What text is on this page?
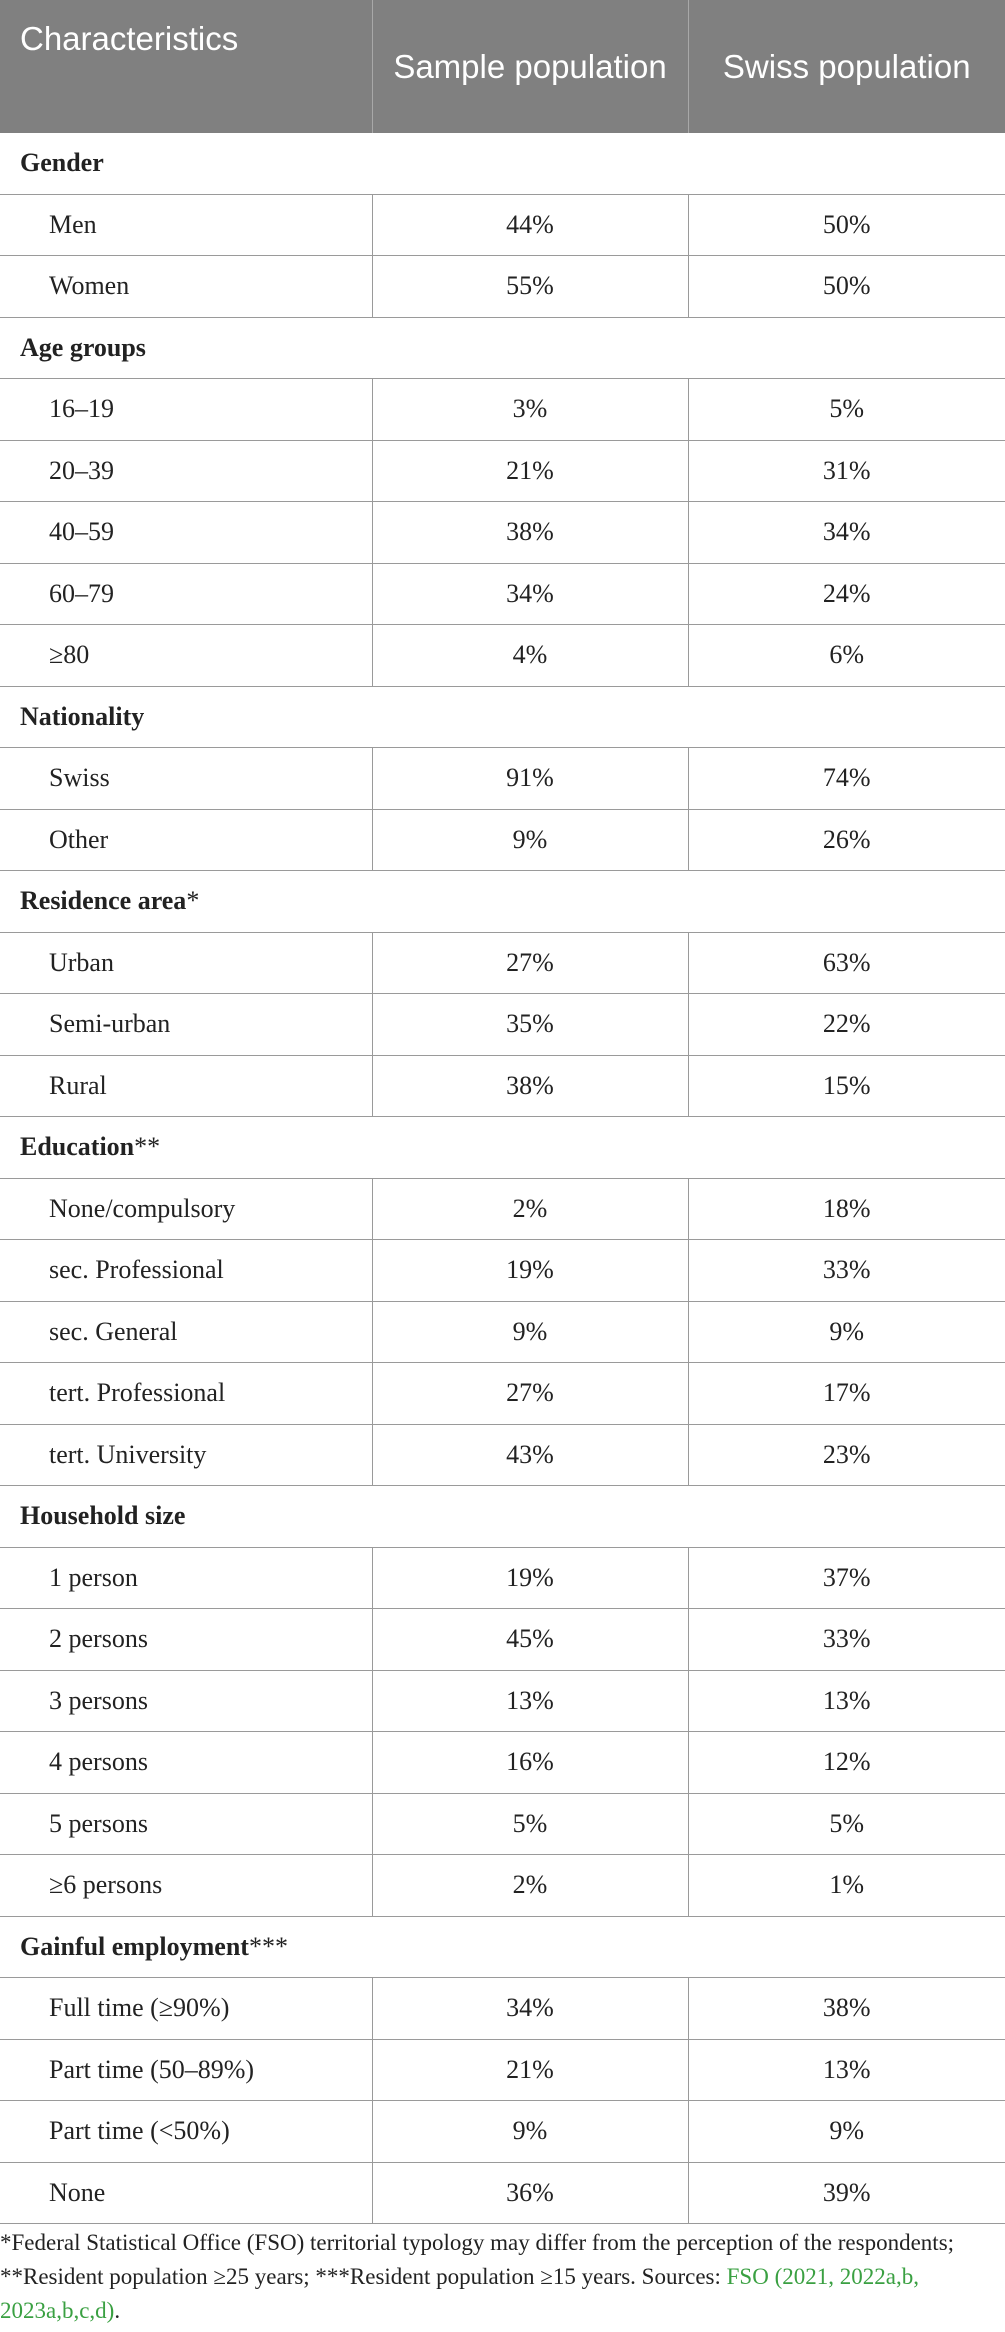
Characteristics	Sample population	Swiss population
Gender		
Men	44%	50%
Women	55%	50%
Age groups		
16–19	3%	5%
20–39	21%	31%
40–59	38%	34%
60–79	34%	24%
≥80	4%	6%
Nationality		
Swiss	91%	74%
Other	9%	26%
Residence area*		
Urban	27%	63%
Semi-urban	35%	22%
Rural	38%	15%
Education**		
None/compulsory	2%	18%
sec. Professional	19%	33%
sec. General	9%	9%
tert. Professional	27%	17%
tert. University	43%	23%
Household size		
1 person	19%	37%
2 persons	45%	33%
3 persons	13%	13%
4 persons	16%	12%
5 persons	5%	5%
≥6 persons	2%	1%
Gainful employment***		
Full time (≥90%)	34%	38%
Part time (50–89%)	21%	13%
Part time (<50%)	9%	9%
None	36%	39%

*Federal Statistical Office (FSO) territorial typology may differ from the perception of the respondents; **Resident population ≥25 years; ***Resident population ≥15 years. Sources: FSO (2021, 2022a,b, 2023a,b,c,d).
